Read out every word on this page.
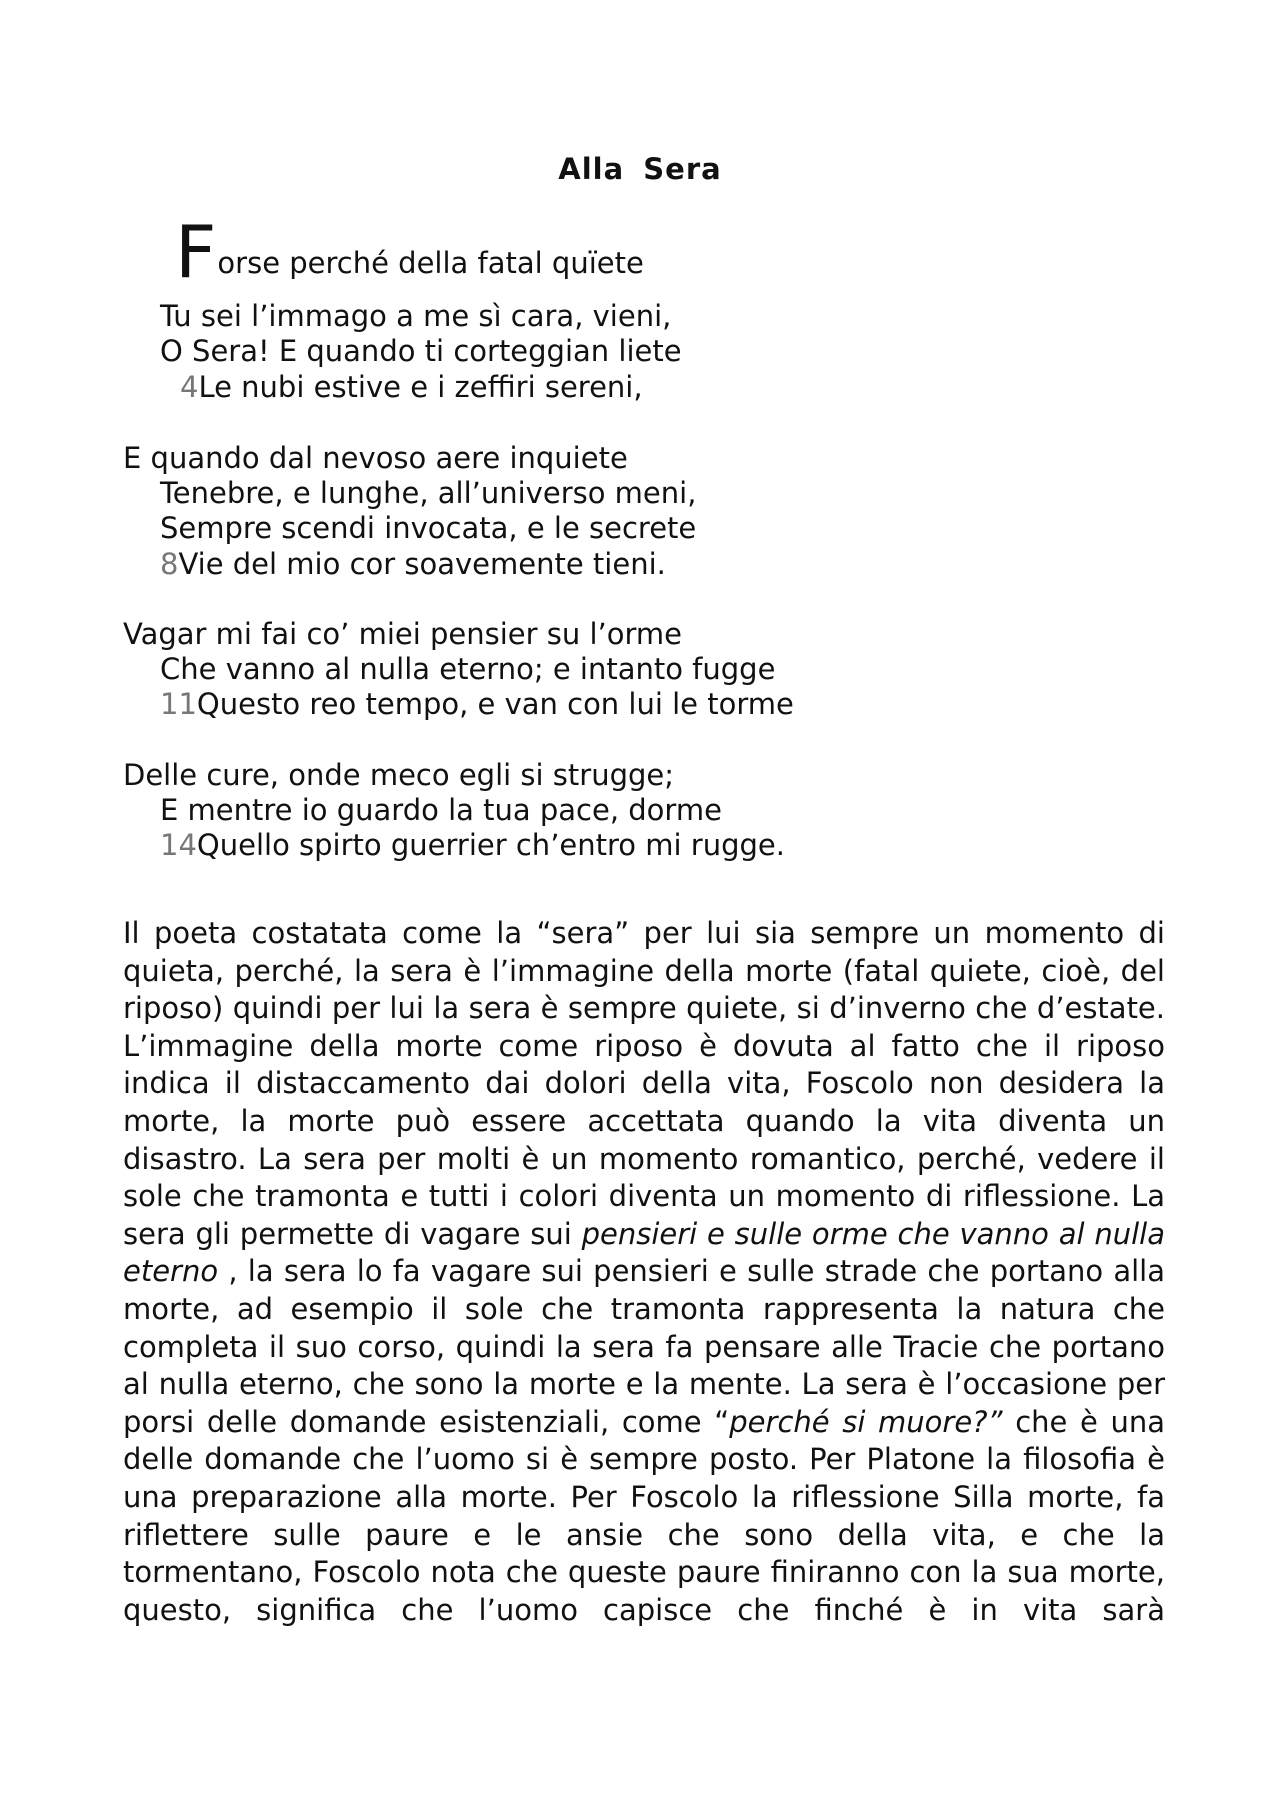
Alla Sera
Forse perché della fatal quïete
Tu sei l’immago a me sì cara, vieni,
O Sera! E quando ti corteggian liete
4Le nubi estive e i zeffiri sereni,
E quando dal nevoso aere inquiete
Tenebre, e lunghe, all’universo meni,
Sempre scendi invocata, e le secrete
8Vie del mio cor soavemente tieni.
Vagar mi fai co’ miei pensier su l’orme
Che vanno al nulla eterno; e intanto fugge
11Questo reo tempo, e van con lui le torme
Delle cure, onde meco egli si strugge;
E mentre io guardo la tua pace, dorme
14Quello spirto guerrier ch’entro mi rugge.

Il poeta costatata come la “sera” per lui sia sempre un momento di quieta, perché, la sera è l’immagine della morte (fatal quiete, cioè, del riposo) quindi per lui la sera è sempre quiete, si d’inverno che d’estate. L’immagine della morte come riposo è dovuta al fatto che il riposo indica il distaccamento dai dolori della vita, Foscolo non desidera la morte, la morte può essere accettata quando la vita diventa un disastro. La sera per molti è un momento romantico, perché, vedere il sole che tramonta e tutti i colori diventa un momento di riflessione. La sera gli permette di vagare sui pensieri e sulle orme che vanno al nulla eterno , la sera lo fa vagare sui pensieri e sulle strade che portano alla morte, ad esempio il sole che tramonta rappresenta la natura che completa il suo corso, quindi la sera fa pensare alle Tracie che portano al nulla eterno, che sono la morte e la mente. La sera è l’occasione per porsi delle domande esistenziali, come “perché si muore?” che è una delle domande che l’uomo si è sempre posto. Per Platone la filosofia è una preparazione alla morte. Per Foscolo la riflessione Silla morte, fa riflettere sulle paure e le ansie che sono della vita, e che la tormentano, Foscolo nota che queste paure finiranno con la sua morte, questo, significa che l’uomo capisce che finché è in vita sarà
